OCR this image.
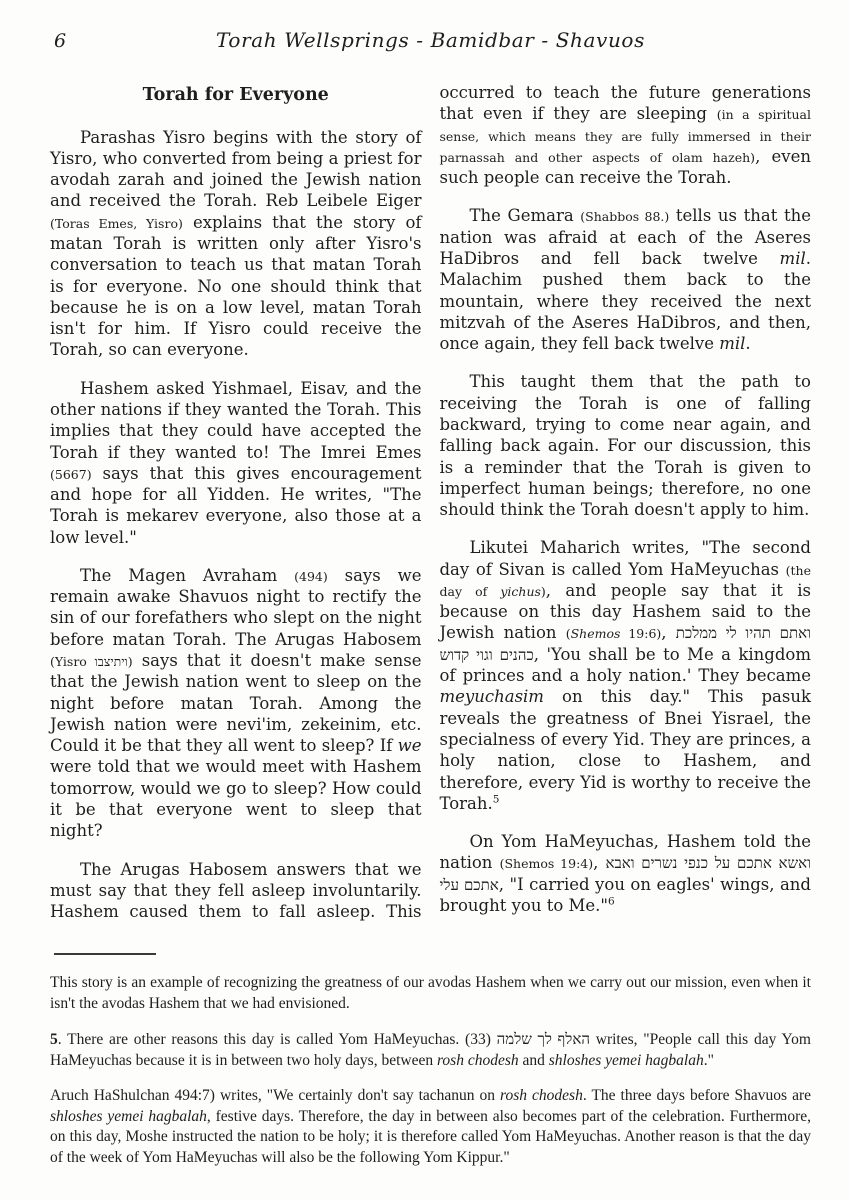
6	Torah Wellsprings - Bamidbar - Shavuos
Torah for Everyone

Parashas Yisro begins with the story of Yisro, who converted from being a priest for avodah zarah and joined the Jewish nation and received the Torah. Reb Leibele Eiger (Toras Emes, Yisro) explains that the story of matan Torah is written only after Yisro's conversation to teach us that matan Torah is for everyone. No one should think that because he is on a low level, matan Torah isn't for him. If Yisro could receive the Torah, so can everyone.

Hashem asked Yishmael, Eisav, and the other nations if they wanted the Torah. This implies that they could have accepted the Torah if they wanted to! The Imrei Emes (5667) says that this gives encouragement and hope for all Yidden. He writes, "The Torah is mekarev everyone, also those at a low level."

The Magen Avraham (494) says we remain awake Shavuos night to rectify the sin of our forefathers who slept on the night before matan Torah. The Arugas Habosem (Yisro ויתיצבו) says that it doesn't make sense that the Jewish nation went to sleep on the night before matan Torah. Among the Jewish nation were nevi'im, zekeinim, etc. Could it be that they all went to sleep? If we were told that we would meet with Hashem tomorrow, would we go to sleep? How could it be that everyone went to sleep that night?

The Arugas Habosem answers that we must say that they fell asleep involuntarily. Hashem caused them to fall asleep. This

occurred to teach the future generations that even if they are sleeping (in a spiritual sense, which means they are fully immersed in their parnassah and other aspects of olam hazeh), even such people can receive the Torah.

The Gemara (Shabbos 88.) tells us that the nation was afraid at each of the Aseres HaDibros and fell back twelve mil. Malachim pushed them back to the mountain, where they received the next mitzvah of the Aseres HaDibros, and then, once again, they fell back twelve mil.

This taught them that the path to receiving the Torah is one of falling backward, trying to come near again, and falling back again. For our discussion, this is a reminder that the Torah is given to imperfect human beings; therefore, no one should think the Torah doesn't apply to him.

Likutei Maharich writes, "The second day of Sivan is called Yom HaMeyuchas (the day of yichus), and people say that it is because on this day Hashem said to the Jewish nation (Shemos 19:6), ואתם תהיו לי ממלכת כהנים וגוי קדוש, 'You shall be to Me a kingdom of princes and a holy nation.' They became meyuchasim on this day." This pasuk reveals the greatness of Bnei Yisrael, the specialness of every Yid. They are princes, a holy nation, close to Hashem, and therefore, every Yid is worthy to receive the Torah.$^5$

On Yom HaMeyuchas, Hashem told the nation (Shemos 19:4), ואשא אתכם על כנפי נשרים ואבא אתכם עלי, "I carried you on eagles' wings, and brought you to Me."$^6$

This story is an example of recognizing the greatness of our avodas Hashem when we carry out our mission, even when it isn't the avodas Hashem that we had envisioned.

5. There are other reasons this day is called Yom HaMeyuchas. האלף לך שלמה (33) writes, "People call this day Yom HaMeyuchas because it is in between two holy days, between rosh chodesh and shloshes yemei hagbalah."

Aruch HaShulchan 494:7) writes, "We certainly don't say tachanun on rosh chodesh. The three days before Shavuos are shloshes yemei hagbalah, festive days. Therefore, the day in between also becomes part of the celebration. Furthermore, on this day, Moshe instructed the nation to be holy; it is therefore called Yom HaMeyuchas. Another reason is that the day of the week of Yom HaMeyuchas will also be the following Yom Kippur."
